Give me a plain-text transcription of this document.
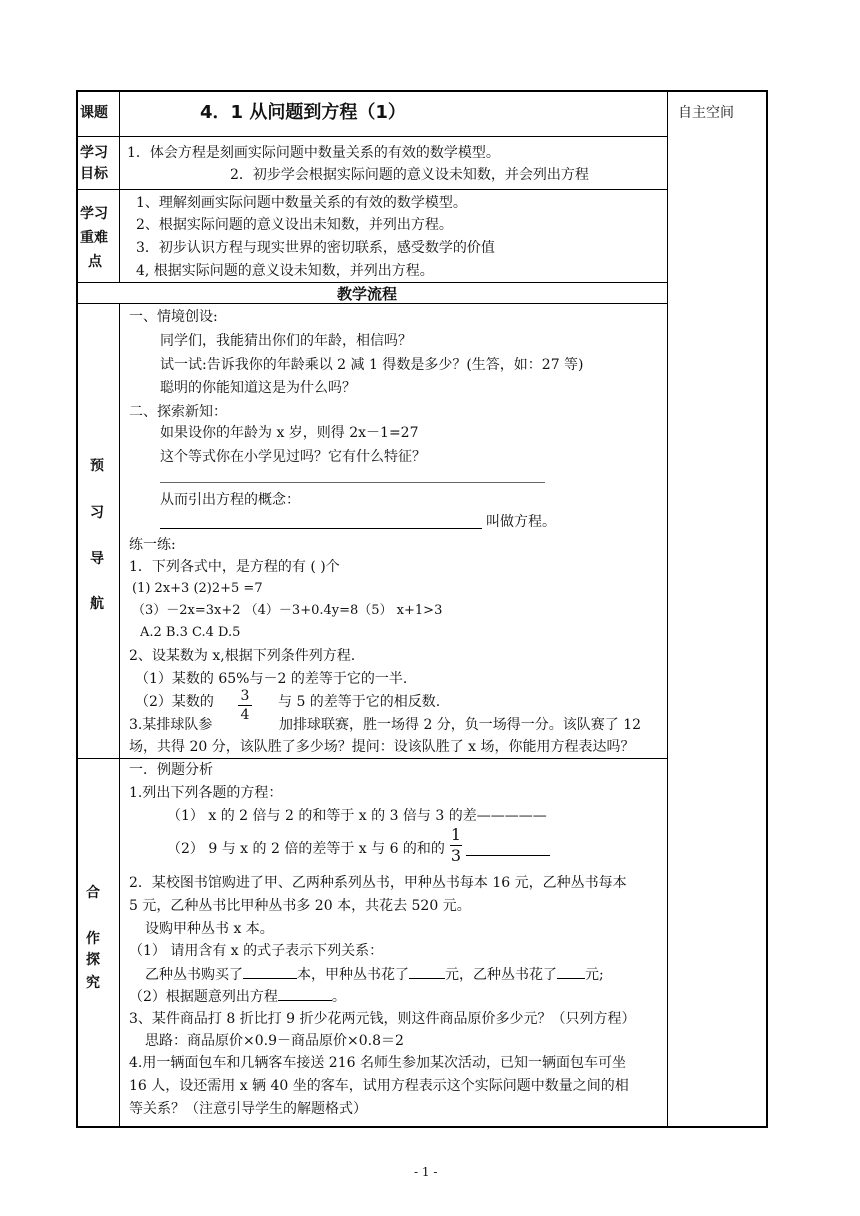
课题	4．1 从问题到方程（1）	自主空间
学习
目标
1．体会方程是刻画实际问题中数量关系的有效的数学模型。
2．初步学会根据实际问题的意义设未知数，并会列出方程
学习
重难
点
1、理解刻画实际问题中数量关系的有效的数学模型。
2、根据实际问题的意义设出未知数，并列出方程。
3．初步认识方程与现实世界的密切联系，感受数学的价值
4, 根据实际问题的意义设未知数，并列出方程。
教学流程
预
习
导
航
一、情境创设:
同学们，我能猜出你们的年龄，相信吗？
试一试:告诉我你的年龄乘以 2 减 1 得数是多少？(生答，如：27 等)
聪明的你能知道这是为什么吗？
二、探索新知：
如果设你的年龄为 x 岁，则得 2x－1=27
这个等式你在小学见过吗？它有什么特征？
从而引出方程的概念：
叫做方程。
练一练:
1．下列各式中，是方程的有 ( )个
(1) 2x+3 (2)2+5 =7
（3）－2x=3x+2 （4）－3+0.4y=8（5） x+1>3
A.2 B.3 C.4 D.5
2、设某数为 x,根据下列条件列方程.
（1）某数的 65%与－2 的差等于它的一半.
（2）某数的 3
4
与 5 的差等于它的相反数.
3.某排球队参	加排球联赛，胜一场得 2 分，负一场得一分。该队赛了 12
场，共得 20 分，该队胜了多少场？提问：设该队胜了 x 场，你能用方程表达吗？
合
作
探
究
一．例题分析
1.列出下列各题的方程：
（1） x 的 2 倍与 2 的和等于 x 的 3 倍与 3 的差—————
（2） 9 与 x 的 2 倍的差等于 x 与 6 的和的
1
3
2．某校图书馆购进了甲、乙两种系列丛书，甲种丛书每本 16 元，乙种丛书每本
5 元，乙种丛书比甲种丛书多 20 本，共花去 520 元。
设购甲种丛书 x 本。
（1） 请用含有 x 的式子表示下列关系：
乙种丛书购买了	本，甲种丛书花了	元，乙种丛书花了 元;
（2）根据题意列出方程	。
3、某件商品打 8 折比打 9 折少花两元钱，则这件商品原价多少元？（只列方程）
思路：商品原价×0.9－商品原价×0.8＝2
4.用一辆面包车和几辆客车接送 216 名师生参加某次活动，已知一辆面包车可坐
16 人，设还需用 x 辆 40 坐的客车，试用方程表示这个实际问题中数量之间的相
等关系？（注意引导学生的解题格式）
- 1 -
